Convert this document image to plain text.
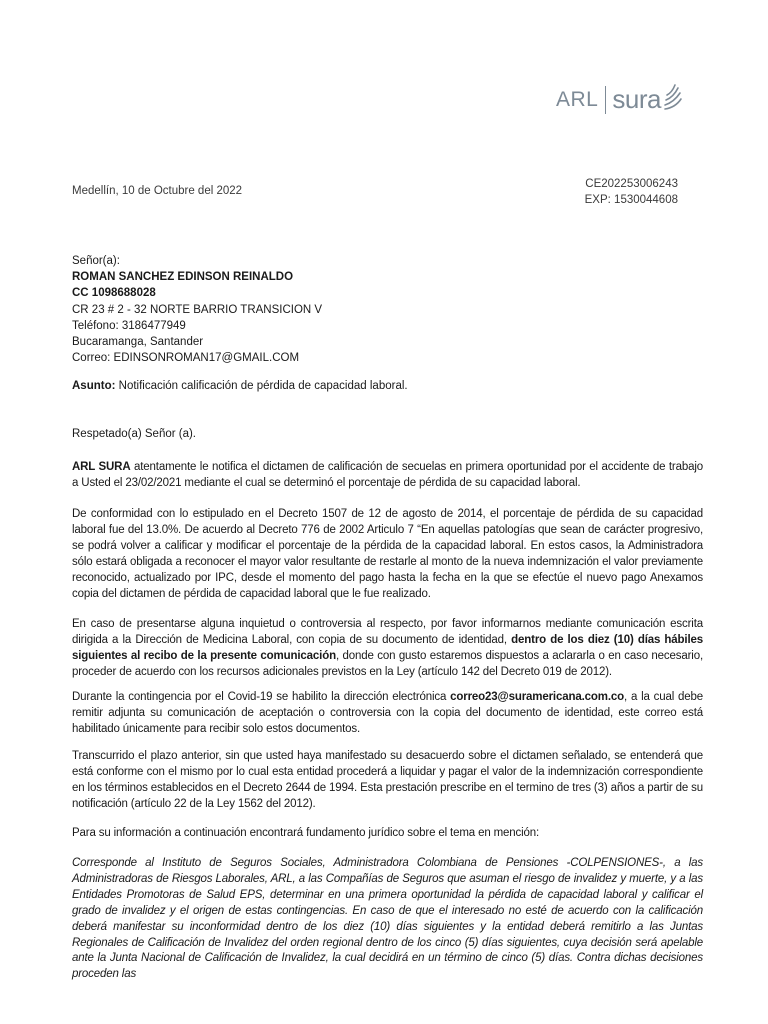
ARL sura
Medellín, 10 de Octubre del 2022
CE202253006243
EXP: 1530044608
Señor(a):
ROMAN SANCHEZ EDINSON REINALDO
CC 1098688028
CR 23 # 2 - 32 NORTE BARRIO TRANSICION V
Teléfono: 3186477949
Bucaramanga, Santander
Correo: EDINSONROMAN17@GMAIL.COM
Asunto: Notificación calificación de pérdida de capacidad laboral.
Respetado(a) Señor (a).
ARL SURA atentamente le notifica el dictamen de calificación de secuelas en primera oportunidad por el accidente de trabajo a Usted el 23/02/2021 mediante el cual se determinó el porcentaje de pérdida de su capacidad laboral.
De conformidad con lo estipulado en el Decreto 1507 de 12 de agosto de 2014, el porcentaje de pérdida de su capacidad laboral fue del 13.0%. De acuerdo al Decreto 776 de 2002 Articulo 7 “En aquellas patologías que sean de carácter progresivo, se podrá volver a calificar y modificar el porcentaje de la pérdida de la capacidad laboral. En estos casos, la Administradora sólo estará obligada a reconocer el mayor valor resultante de restarle al monto de la nueva indemnización el valor previamente reconocido, actualizado por IPC, desde el momento del pago hasta la fecha en la que se efectúe el nuevo pago Anexamos copia del dictamen de pérdida de capacidad laboral que le fue realizado.
En caso de presentarse alguna inquietud o controversia al respecto, por favor informarnos mediante comunicación escrita dirigida a la Dirección de Medicina Laboral, con copia de su documento de identidad, dentro de los diez (10) días hábiles siguientes al recibo de la presente comunicación, donde con gusto estaremos dispuestos a aclararla o en caso necesario, proceder de acuerdo con los recursos adicionales previstos en la Ley (artículo 142 del Decreto 019 de 2012).
Durante la contingencia por el Covid-19 se habilito la dirección electrónica correo23@suramericana.com.co, a la cual debe remitir adjunta su comunicación de aceptación o controversia con la copia del documento de identidad, este correo está habilitado únicamente para recibir solo estos documentos.
Transcurrido el plazo anterior, sin que usted haya manifestado su desacuerdo sobre el dictamen señalado, se entenderá que está conforme con el mismo por lo cual esta entidad procederá a liquidar y pagar el valor de la indemnización correspondiente en los términos establecidos en el Decreto 2644 de 1994. Esta prestación prescribe en el termino de tres (3) años a partir de su notificación (artículo 22 de la Ley 1562 del 2012).
Para su información a continuación encontrará fundamento jurídico sobre el tema en mención:
Corresponde al Instituto de Seguros Sociales, Administradora Colombiana de Pensiones -COLPENSIONES-, a las Administradoras de Riesgos Laborales, ARL, a las Compañías de Seguros que asuman el riesgo de invalidez y muerte, y a las Entidades Promotoras de Salud EPS, determinar en una primera oportunidad la pérdida de capacidad laboral y calificar el grado de invalidez y el origen de estas contingencias. En caso de que el interesado no esté de acuerdo con la calificación deberá manifestar su inconformidad dentro de los diez (10) días siguientes y la entidad deberá remitirlo a las Juntas Regionales de Calificación de Invalidez del orden regional dentro de los cinco (5) días siguientes, cuya decisión será apelable ante la Junta Nacional de Calificación de Invalidez, la cual decidirá en un término de cinco (5) días. Contra dichas decisiones proceden las
